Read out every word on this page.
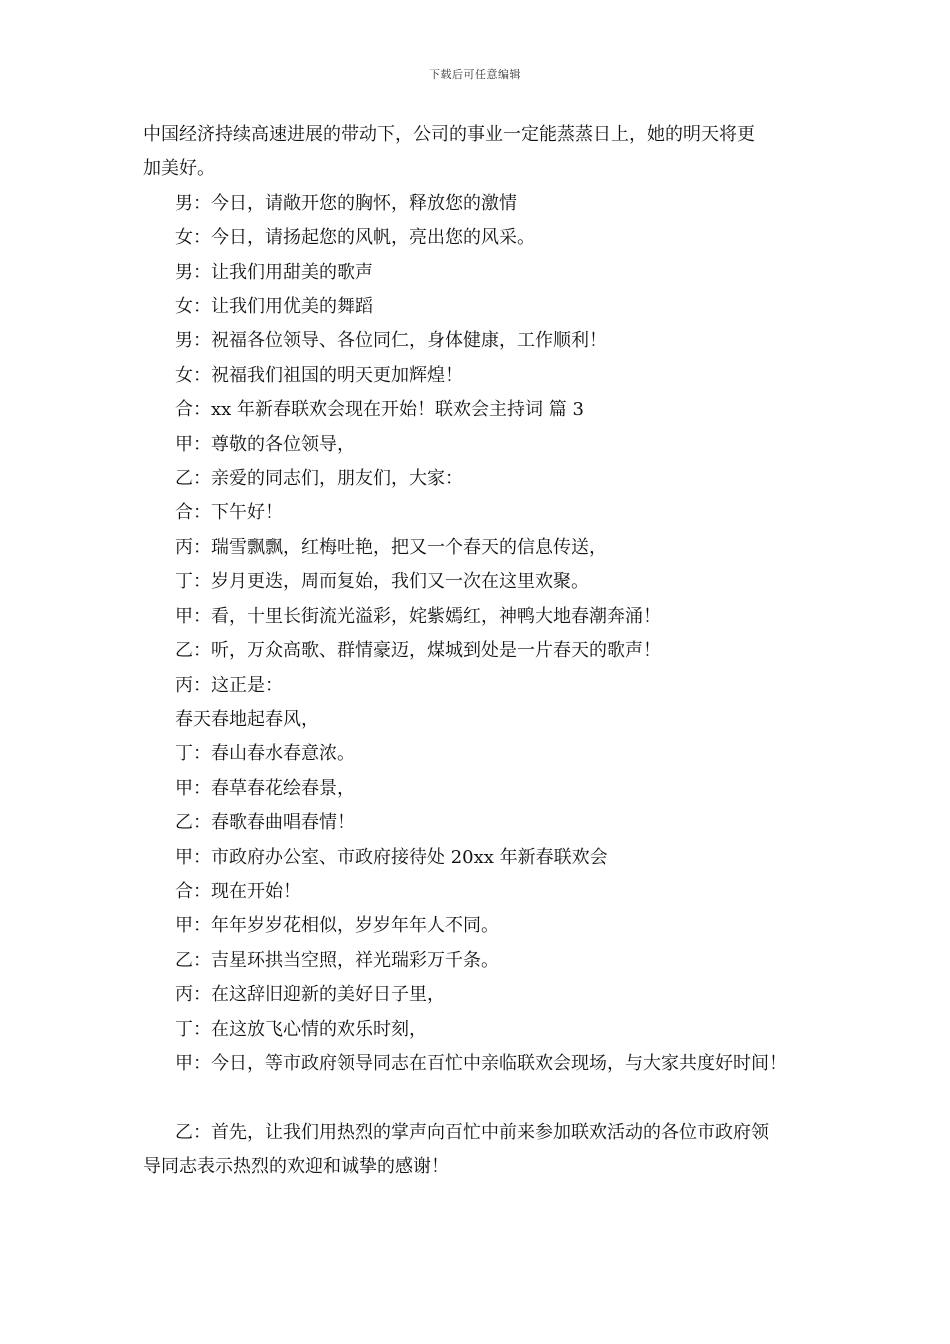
下载后可任意编辑
中国经济持续高速进展的带动下，公司的事业一定能蒸蒸日上，她的明天将更
加美好。
男：今日，请敞开您的胸怀，释放您的激情
女：今日，请扬起您的风帆，亮出您的风采。
男：让我们用甜美的歌声
女：让我们用优美的舞蹈
男：祝福各位领导、各位同仁，身体健康，工作顺利！
女：祝福我们祖国的明天更加辉煌！
合：xx 年新春联欢会现在开始！联欢会主持词 篇 3
甲：尊敬的各位领导，
乙：亲爱的同志们，朋友们，大家：
合：下午好！
丙：瑞雪飘飘，红梅吐艳，把又一个春天的信息传送，
丁：岁月更迭，周而复始，我们又一次在这里欢聚。
甲：看，十里长街流光溢彩，姹紫嫣红，神鸭大地春潮奔涌！
乙：听，万众高歌、群情豪迈，煤城到处是一片春天的歌声！
丙：这正是：
春天春地起春风，
丁：春山春水春意浓。
甲：春草春花绘春景，
乙：春歌春曲唱春情！
甲：市政府办公室、市政府接待处 20xx 年新春联欢会
合：现在开始！
甲：年年岁岁花相似，岁岁年年人不同。
乙：吉星环拱当空照，祥光瑞彩万千条。
丙：在这辞旧迎新的美好日子里，
丁：在这放飞心情的欢乐时刻，
甲：今日，等市政府领导同志在百忙中亲临联欢会现场，与大家共度好时间！
乙：首先，让我们用热烈的掌声向百忙中前来参加联欢活动的各位市政府领
导同志表示热烈的欢迎和诚挚的感谢！
